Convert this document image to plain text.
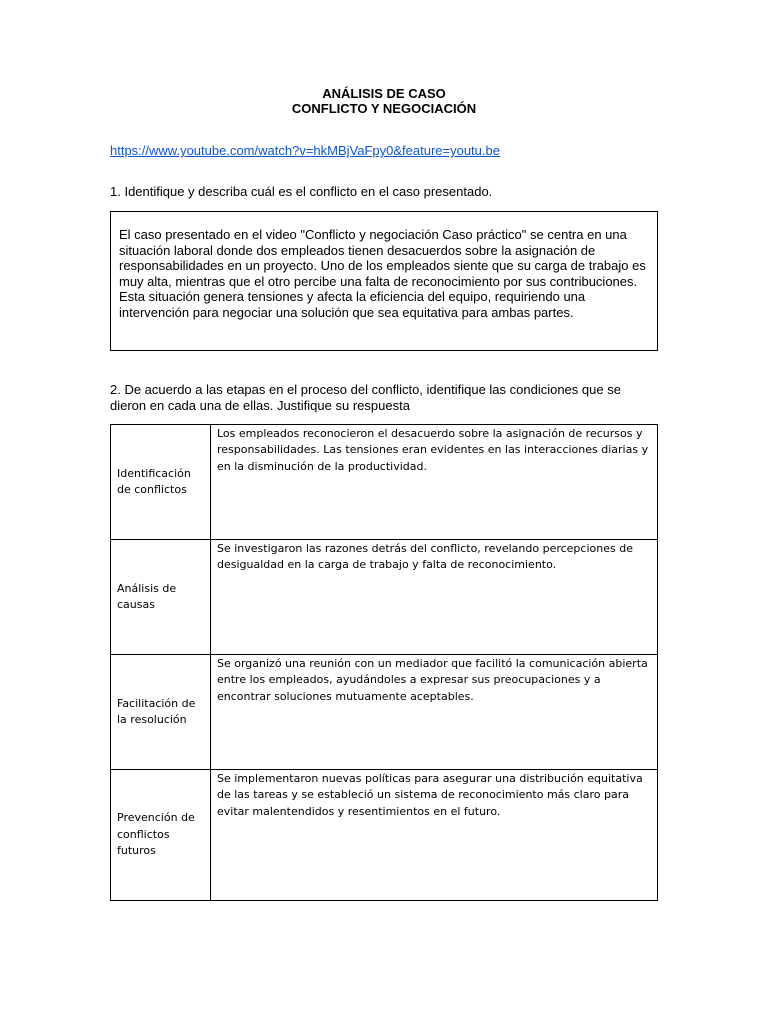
ANÁLISIS DE CASO
CONFLICTO Y NEGOCIACIÓN
https://www.youtube.com/watch?v=hkMBjVaFpy0&feature=youtu.be
1. Identifique y describa cuál es el conflicto en el caso presentado.
El caso presentado en el video "Conflicto y negociación Caso práctico" se centra en una situación laboral donde dos empleados tienen desacuerdos sobre la asignación de responsabilidades en un proyecto. Uno de los empleados siente que su carga de trabajo es muy alta, mientras que el otro percibe una falta de reconocimiento por sus contribuciones. Esta situación genera tensiones y afecta la eficiencia del equipo, requiriendo una intervención para negociar una solución que sea equitativa para ambas partes.
2. De acuerdo a las etapas en el proceso del conflicto, identifique las condiciones que se dieron en cada una de ellas. Justifique su respuesta
Identificación de conflictos	Los empleados reconocieron el desacuerdo sobre la asignación de recursos y responsabilidades. Las tensiones eran evidentes en las interacciones diarias y en la disminución de la productividad.
Análisis de causas	Se investigaron las razones detrás del conflicto, revelando percepciones de desigualdad en la carga de trabajo y falta de reconocimiento.
Facilitación de la resolución	Se organizó una reunión con un mediador que facilitó la comunicación abierta entre los empleados, ayudándoles a expresar sus preocupaciones y a encontrar soluciones mutuamente aceptables.
Prevención de conflictos futuros	Se implementaron nuevas políticas para asegurar una distribución equitativa de las tareas y se estableció un sistema de reconocimiento más claro para evitar malentendidos y resentimientos en el futuro.
